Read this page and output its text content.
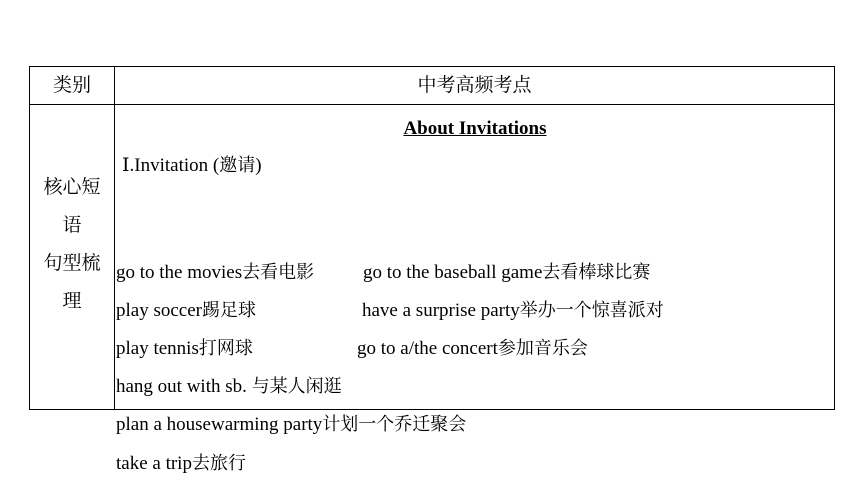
类别	中考高频考点
核心短
语
句型梳
理
About Invitations
Ⅰ.Invitation (邀请)
go to the movies去看电影	go to the baseball game去看棒球比赛
play soccer踢足球	have a surprise party举办一个惊喜派对
play tennis打网球	go to a/the concert参加音乐会
hang out with sb. 与某人闲逛
plan a housewarming party计划一个乔迁聚会
take a trip去旅行
